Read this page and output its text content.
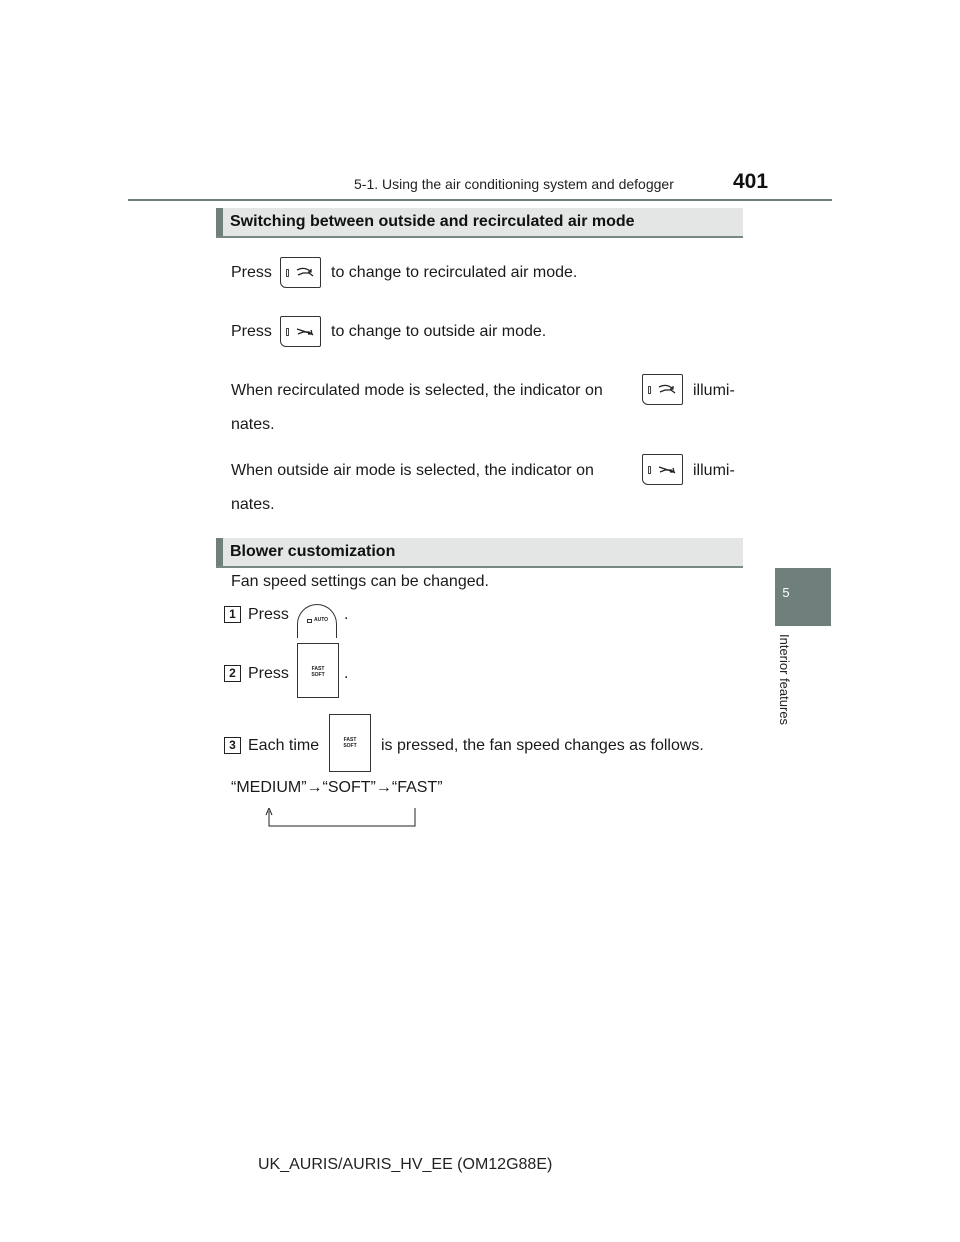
5-1. Using the air conditioning system and defogger	401
5
Interior features
Switching between outside and recirculated air mode
Press	to change to recirculated air mode.
Press	to change to outside air mode.
When recirculated mode is selected, the indicator on	illumi-
nates.
When outside air mode is selected, the indicator on	illumi-
nates.
Blower customization
Fan speed settings can be changed.
1 Press	AUTO .
2 Press	FAST
SOFT	.
3 Each time	FAST
SOFT	is pressed, the fan speed changes as follows.
“MEDIUM”→“SOFT”→“FAST”
UK_AURIS/AURIS_HV_EE (OM12G88E)
